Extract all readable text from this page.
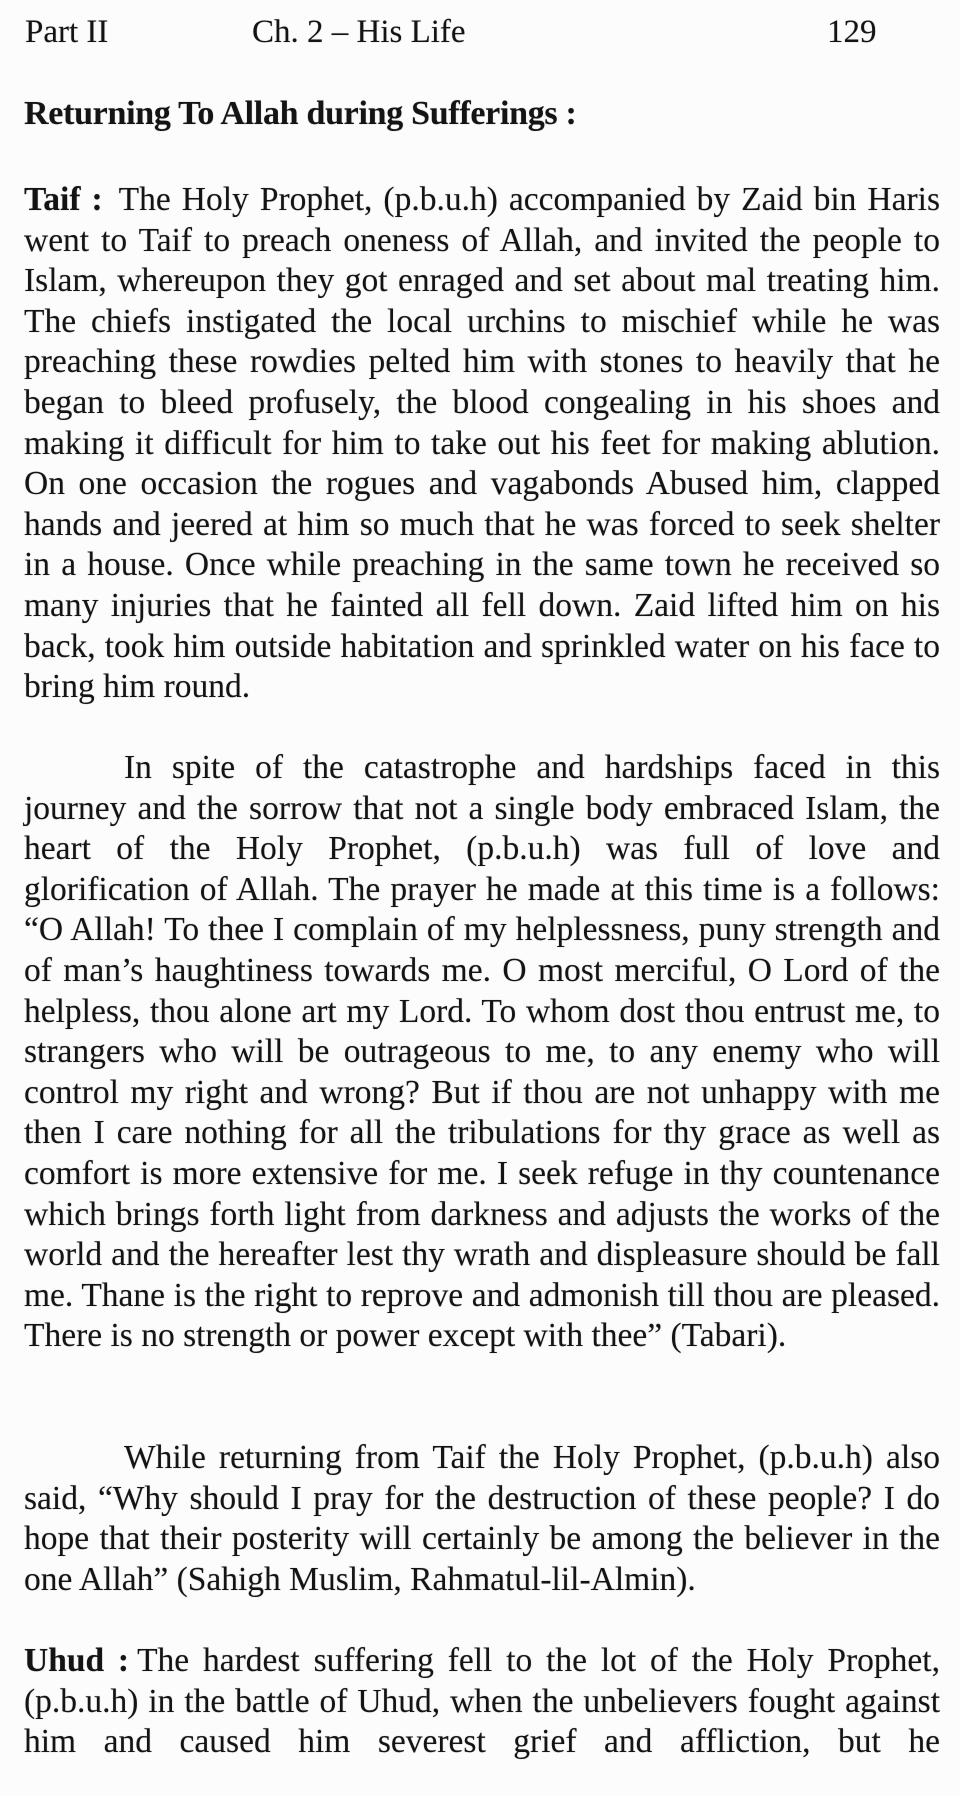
Part II	Ch. 2 – His Life	129
Returning To Allah during Sufferings :

Taif : The Holy Prophet, (p.b.u.h) accompanied by Zaid bin Haris went to Taif to preach oneness of Allah, and invited the people to Islam, whereupon they got enraged and set about mal treating him. The chiefs instigated the local urchins to mischief while he was preaching these rowdies pelted him with stones to heavily that he began to bleed profusely, the blood congealing in his shoes and making it difficult for him to take out his feet for making ablution. On one occasion the rogues and vagabonds Abused him, clapped hands and jeered at him so much that he was forced to seek shelter in a house. Once while preaching in the same town he received so many injuries that he fainted all fell down. Zaid lifted him on his back, took him outside habitation and sprinkled water on his face to bring him round.

In spite of the catastrophe and hardships faced in this journey and the sorrow that not a single body embraced Islam, the heart of the Holy Prophet, (p.b.u.h) was full of love and glorification of Allah. The prayer he made at this time is a follows: “O Allah! To thee I complain of my helplessness, puny strength and of man’s haughtiness towards me. O most merciful, O Lord of the helpless, thou alone art my Lord. To whom dost thou entrust me, to strangers who will be outrageous to me, to any enemy who will control my right and wrong? But if thou are not unhappy with me then I care nothing for all the tribulations for thy grace as well as comfort is more extensive for me. I seek refuge in thy countenance which brings forth light from darkness and adjusts the works of the world and the hereafter lest thy wrath and displeasure should be fall me. Thane is the right to reprove and admonish till thou are pleased. There is no strength or power except with thee” (Tabari).

While returning from Taif the Holy Prophet, (p.b.u.h) also said, “Why should I pray for the destruction of these people? I do hope that their posterity will certainly be among the believer in the one Allah” (Sahigh Muslim, Rahmatul-lil-Almin).

Uhud : The hardest suffering fell to the lot of the Holy Prophet, (p.b.u.h) in the battle of Uhud, when the unbelievers fought against him and caused him severest grief and affliction, but he
